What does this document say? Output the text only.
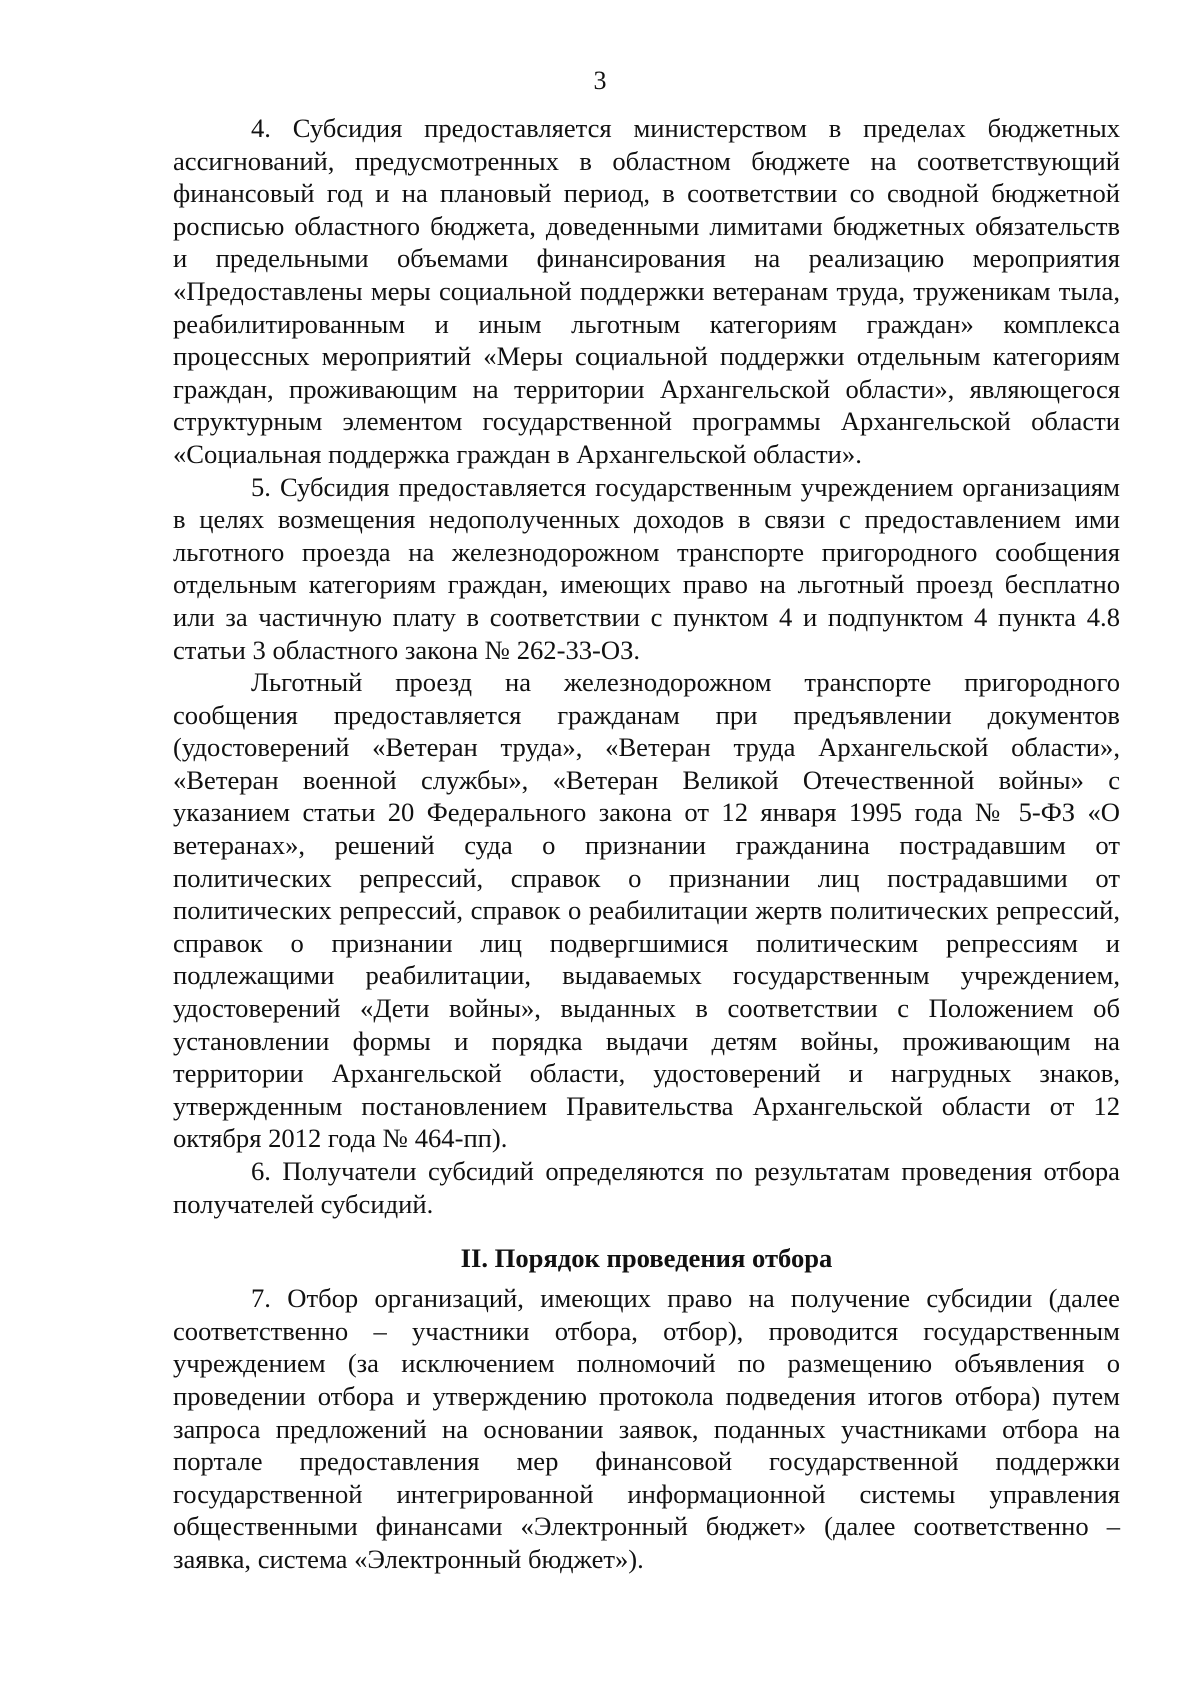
3

4. Субсидия предоставляется министерством в пределах бюджетных ассигнований, предусмотренных в областном бюджете на соответствующий финансовый год и на плановый период, в соответствии со сводной бюджетной росписью областного бюджета, доведенными лимитами бюджетных обязательств и предельными объемами финансирования на реализацию мероприятия «Предоставлены меры социальной поддержки ветеранам труда, труженикам тыла, реабилитированным и иным льготным категориям граждан» комплекса процессных мероприятий «Меры социальной поддержки отдельным категориям граждан, проживающим на территории Архангельской области», являющегося структурным элементом государственной программы Архангельской области «Социальная поддержка граждан в Архангельской области».

5. Субсидия предоставляется государственным учреждением организациям в целях возмещения недополученных доходов в связи с предоставлением ими льготного проезда на железнодорожном транспорте пригородного сообщения отдельным категориям граждан, имеющих право на льготный проезд бесплатно или за частичную плату в соответствии с пунктом 4 и подпунктом 4 пункта 4.8 статьи 3 областного закона № 262-33-ОЗ.

Льготный проезд на железнодорожном транспорте пригородного сообщения предоставляется гражданам при предъявлении документов (удостоверений «Ветеран труда», «Ветеран труда Архангельской области», «Ветеран военной службы», «Ветеран Великой Отечественной войны» с указанием статьи 20 Федерального закона от 12 января 1995 года № 5-ФЗ «О ветеранах», решений суда о признании гражданина пострадавшим от политических репрессий, справок о признании лиц пострадавшими от политических репрессий, справок о реабилитации жертв политических репрессий, справок о признании лиц подвергшимися политическим репрессиям и подлежащими реабилитации, выдаваемых государственным учреждением, удостоверений «Дети войны», выданных в соответствии с Положением об установлении формы и порядка выдачи детям войны, проживающим на территории Архангельской области, удостоверений и нагрудных знаков, утвержденным постановлением Правительства Архангельской области от 12 октября 2012 года № 464-пп).

6. Получатели субсидий определяются по результатам проведения отбора получателей субсидий.

II. Порядок проведения отбора

7. Отбор организаций, имеющих право на получение субсидии (далее соответственно – участники отбора, отбор), проводится государственным учреждением (за исключением полномочий по размещению объявления о проведении отбора и утверждению протокола подведения итогов отбора) путем запроса предложений на основании заявок, поданных участниками отбора на портале предоставления мер финансовой государственной поддержки государственной интегрированной информационной системы управления общественными финансами «Электронный бюджет» (далее соответственно – заявка, система «Электронный бюджет»).
